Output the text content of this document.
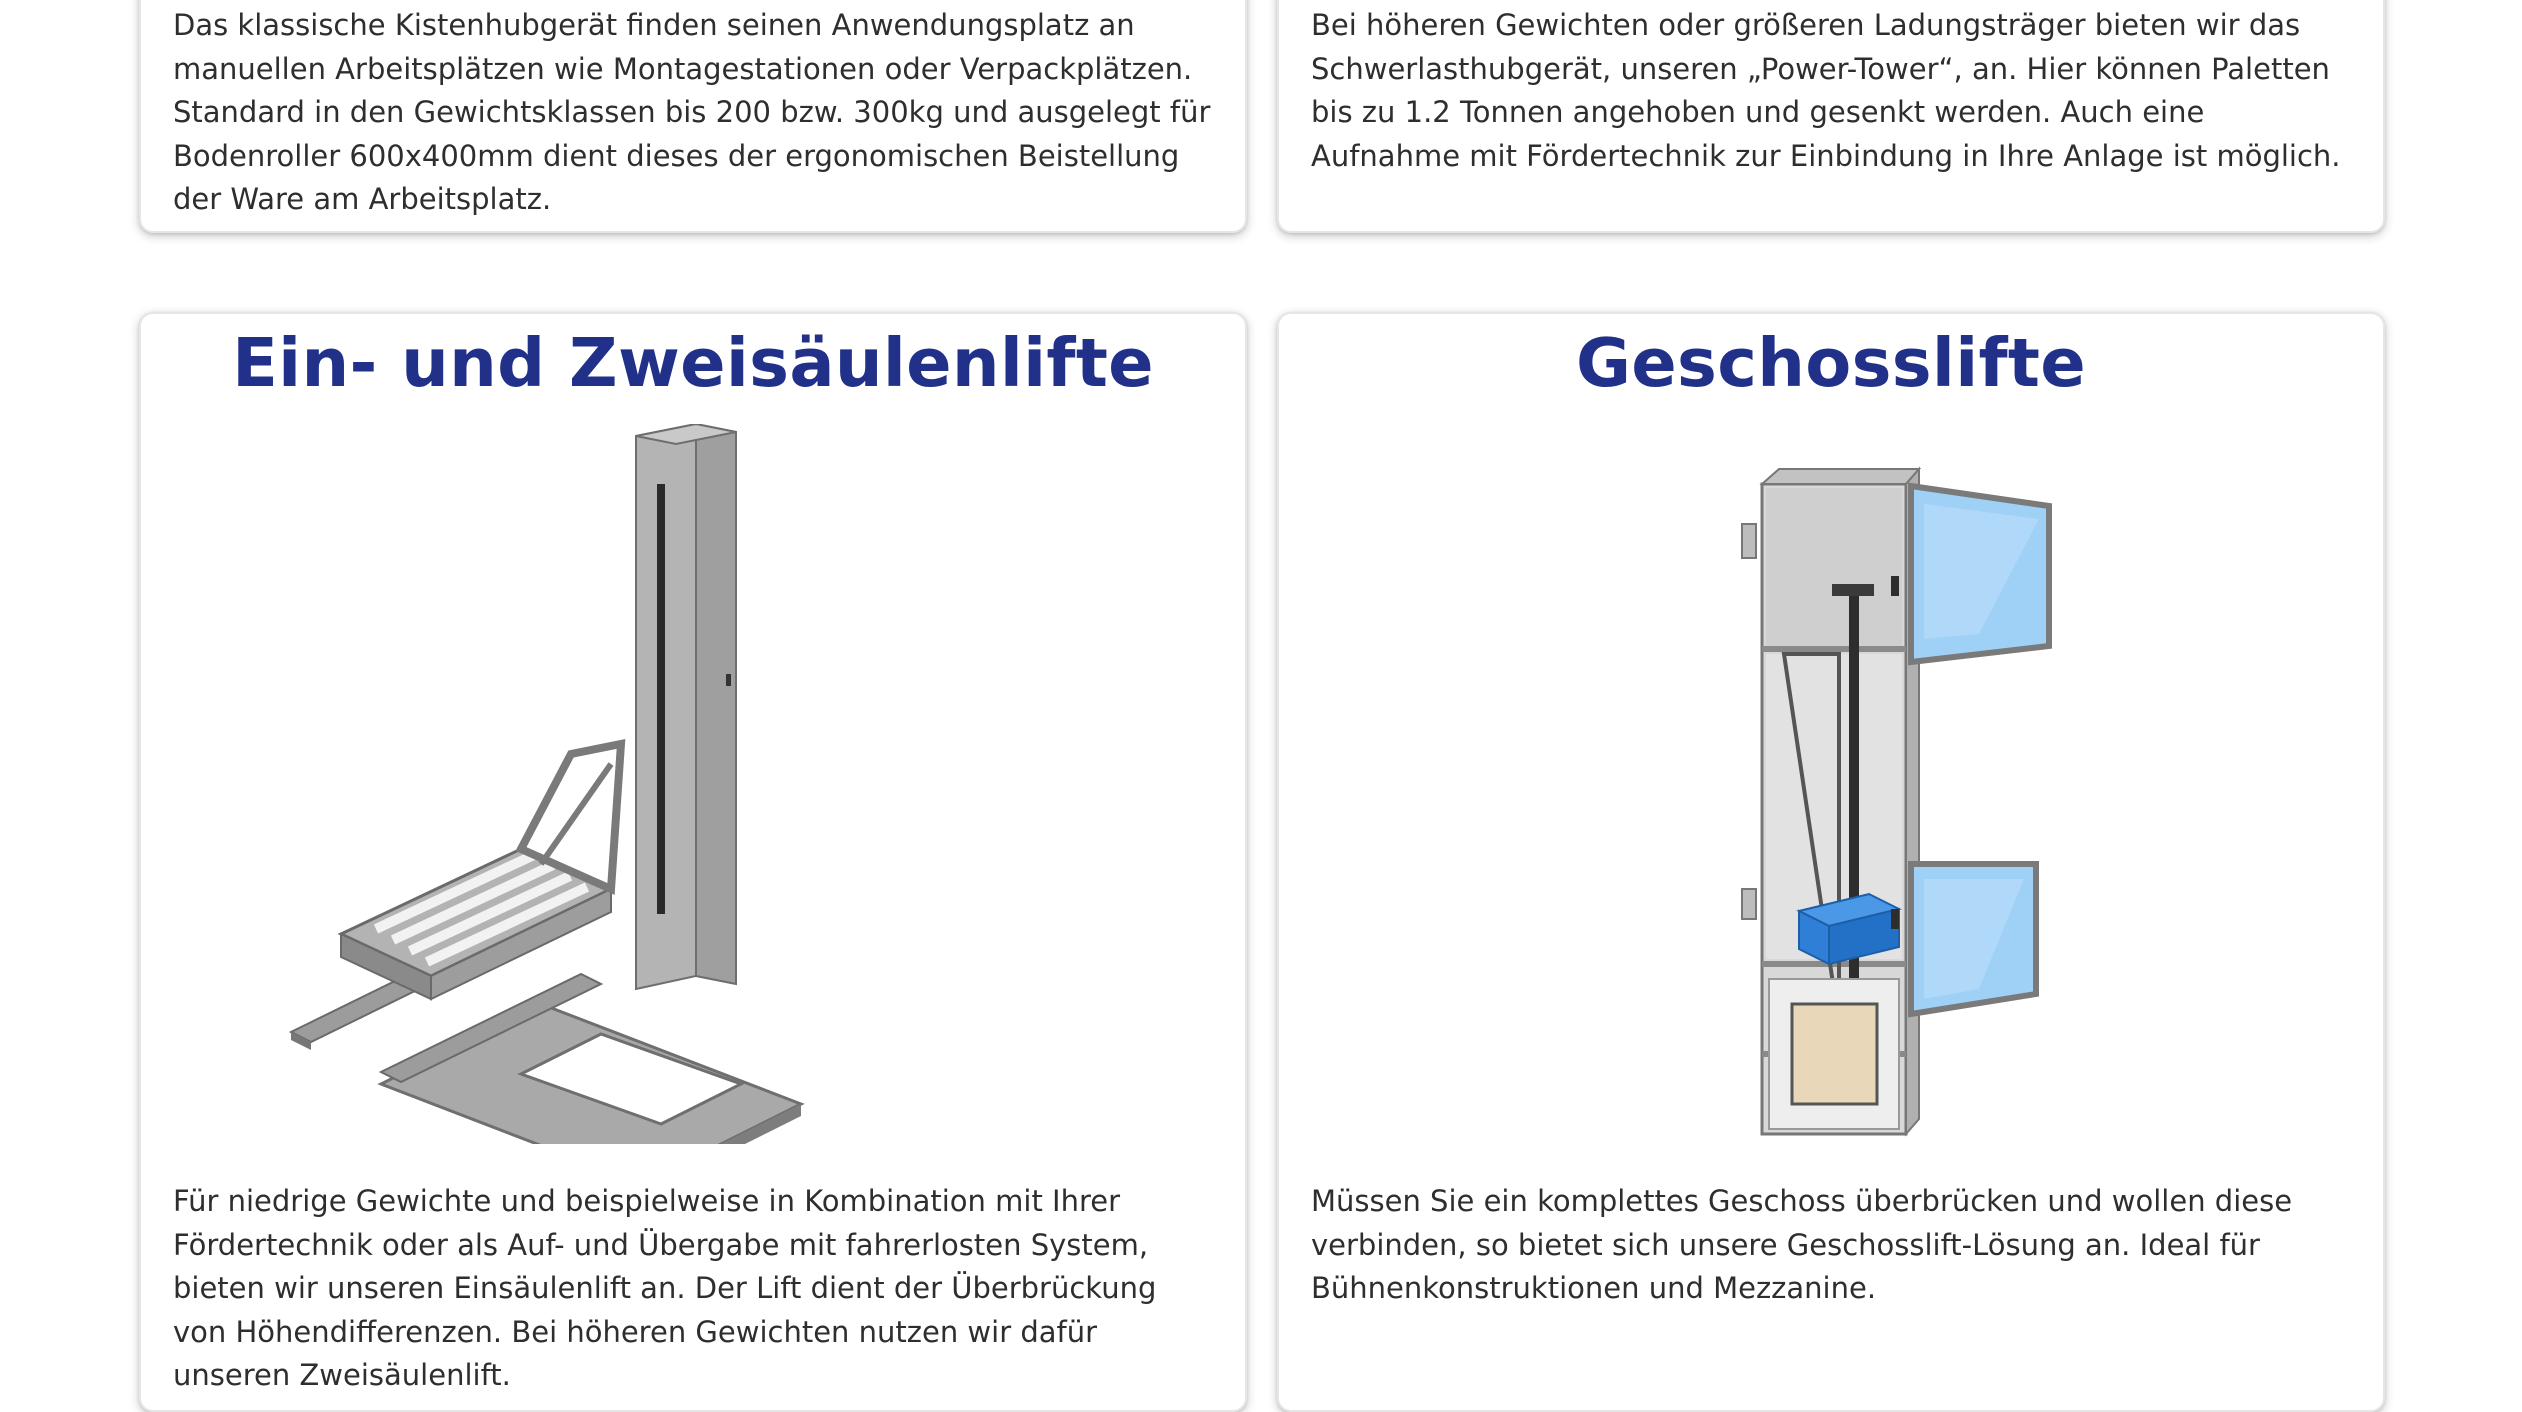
Das klassische Kistenhubgerät finden seinen Anwendungsplatz an manuellen Arbeitsplätzen wie Montagestationen oder Verpackplätzen. Standard in den Gewichtsklassen bis 200 bzw. 300kg und ausgelegt für Bodenroller 600x400mm dient dieses der ergonomischen Beistellung der Ware am Arbeitsplatz.

Bei höheren Gewichten oder größeren Ladungsträger bieten wir das Schwerlasthubgerät, unseren „Power-Tower“, an. Hier können Paletten bis zu 1.2 Tonnen angehoben und gesenkt werden. Auch eine Aufnahme mit Fördertechnik zur Einbindung in Ihre Anlage ist möglich.

Ein- und Zweisäulenlifte

Für niedrige Gewichte und beispielweise in Kombination mit Ihrer Fördertechnik oder als Auf- und Übergabe mit fahrerlosten System, bieten wir unseren Einsäulenlift an. Der Lift dient der Überbrückung von Höhendifferenzen. Bei höheren Gewichten nutzen wir dafür unseren Zweisäulenlift.

Geschosslifte

Müssen Sie ein komplettes Geschoss überbrücken und wollen diese verbinden, so bietet sich unsere Geschosslift-Lösung an. Ideal für Bühnenkonstruktionen und Mezzanine.
